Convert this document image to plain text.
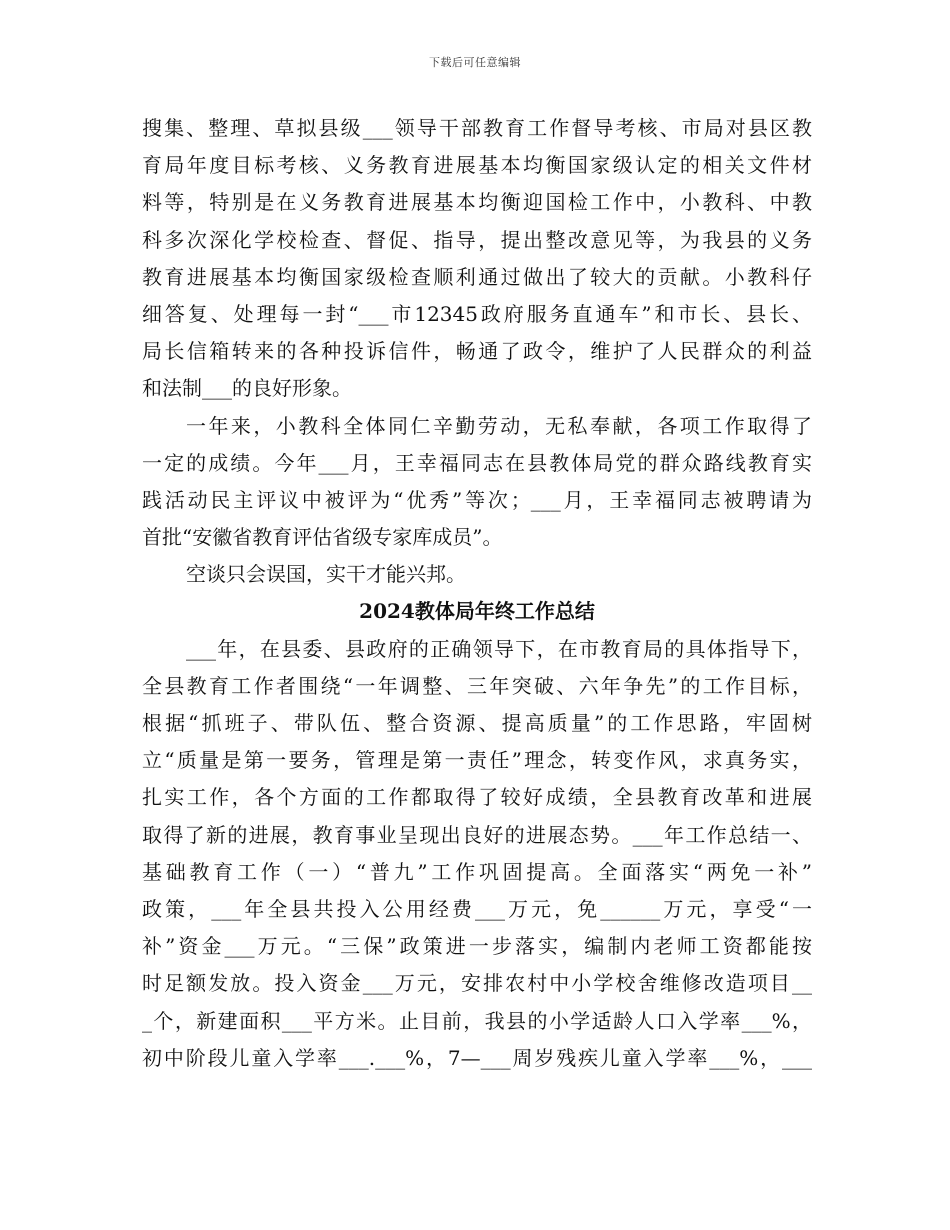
下载后可任意编辑
搜集、整理、草拟县级___领导干部教育工作督导考核、市局对县区教
育局年度目标考核、义务教育进展基本均衡国家级认定的相关文件材
料等，特别是在义务教育进展基本均衡迎国检工作中，小教科、中教
科多次深化学校检查、督促、指导，提出整改意见等，为我县的义务
教育进展基本均衡国家级检查顺利通过做出了较大的贡献。小教科仔
细答复、处理每一封“___市12345政府服务直通车”和市长、县长、
局长信箱转来的各种投诉信件，畅通了政令，维护了人民群众的利益
和法制___的良好形象。
一年来，小教科全体同仁辛勤劳动，无私奉献，各项工作取得了
一定的成绩。今年___月，王幸福同志在县教体局党的群众路线教育实
践活动民主评议中被评为“优秀”等次；___月，王幸福同志被聘请为
首批“安徽省教育评估省级专家库成员”。
空谈只会误国，实干才能兴邦。
2024教体局年终工作总结
___年，在县委、县政府的正确领导下，在市教育局的具体指导下，
全县教育工作者围绕“一年调整、三年突破、六年争先”的工作目标，
根据“抓班子、带队伍、整合资源、提高质量”的工作思路，牢固树
立“质量是第一要务，管理是第一责任”理念，转变作风，求真务实，
扎实工作，各个方面的工作都取得了较好成绩，全县教育改革和进展
取得了新的进展，教育事业呈现出良好的进展态势。___年工作总结一、
基础教育工作（一）“普九”工作巩固提高。全面落实“两免一补”
政策，___年全县共投入公用经费___万元，免______万元，享受“一
补”资金___万元。“三保”政策进一步落实，编制内老师工资都能按
时足额发放。投入资金___万元，安排农村中小学校舍维修改造项目__
_个，新建面积___平方米。止目前，我县的小学适龄人口入学率___%，
初中阶段儿童入学率___.___%，7—___周岁残疾儿童入学率___%，___
